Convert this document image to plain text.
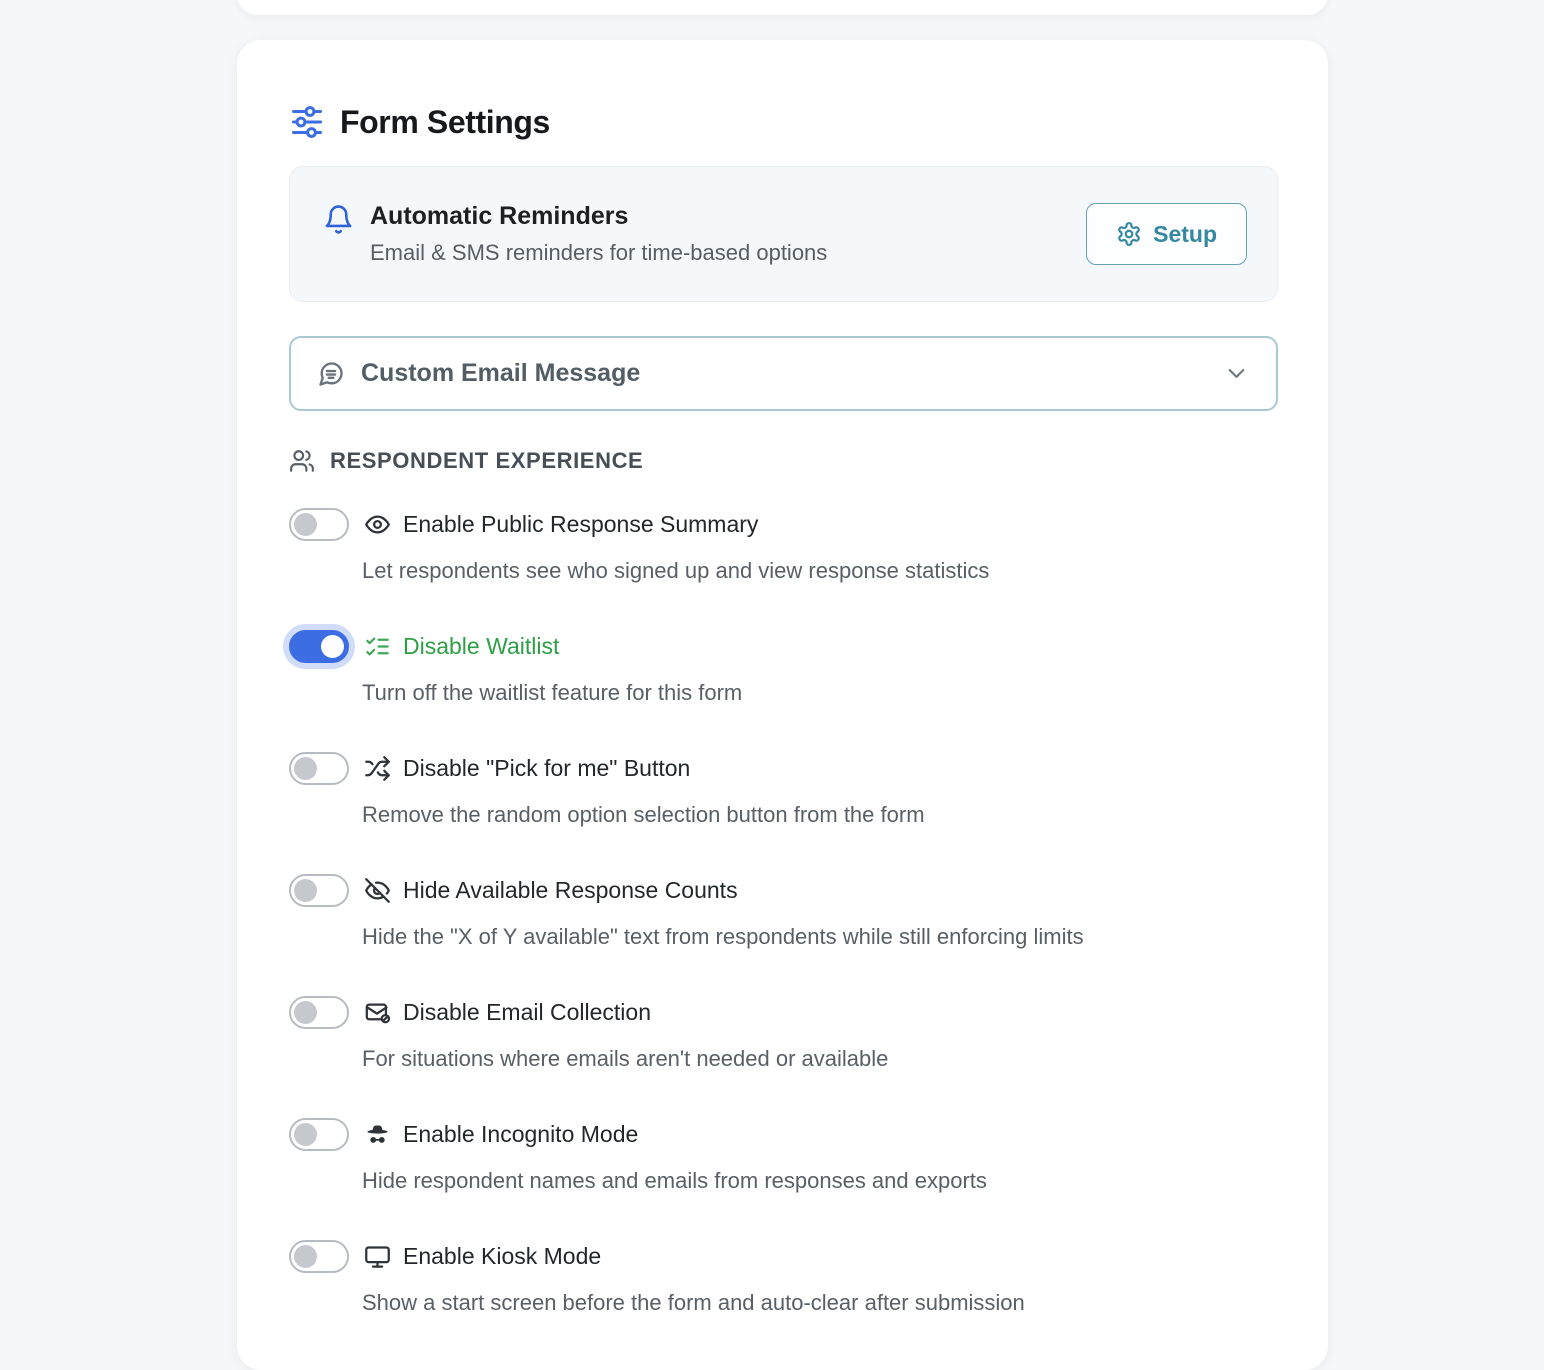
Form Settings
Automatic Reminders
Email & SMS reminders for time-based options
Setup
Custom Email Message
RESPONDENT EXPERIENCE
Enable Public Response Summary
Let respondents see who signed up and view response statistics
Disable Waitlist
Turn off the waitlist feature for this form
Disable "Pick for me" Button
Remove the random option selection button from the form
Hide Available Response Counts
Hide the "X of Y available" text from respondents while still enforcing limits
Disable Email Collection
For situations where emails aren't needed or available
Enable Incognito Mode
Hide respondent names and emails from responses and exports
Enable Kiosk Mode
Show a start screen before the form and auto-clear after submission
